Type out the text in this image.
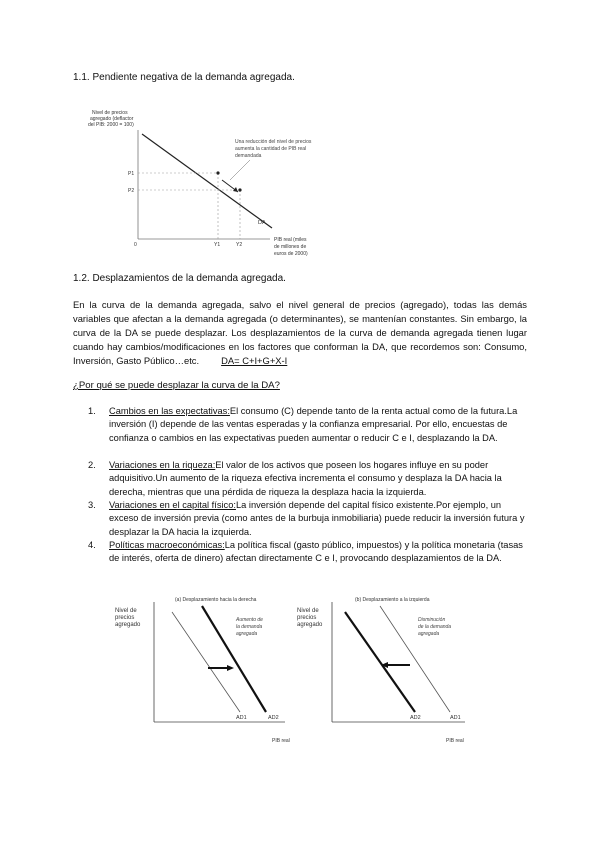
1.1. Pendiente negativa de la demanda agregada.
Nivel de precios
agregado (deflactor
del PIB: 2000 = 100)
Una reducción del nivel de precios
aumenta la cantidad de PIB real
demandada
P1
P2
DA
0	Y1	Y2
PIB real (miles
de millones de
euros de 2000)
1.2. Desplazamientos de la demanda agregada.
En la curva de la demanda agregada, salvo el nivel general de precios (agregado), todas las demás variables que afectan a la demanda agregada (o determinantes), se mantenían constantes. Sin embargo, la curva de la DA se puede desplazar. Los desplazamientos de la curva de demanda agregada tienen lugar cuando hay cambios/modificaciones en los factores que conforman la DA, que recordemos son: Consumo, Inversión, Gasto Público…etc. DA= C+I+G+X-I
¿Por qué se puede desplazar la curva de la DA?
1. Cambios en las expectativas:El consumo (C) depende tanto de la renta actual como de la futura.La inversión (I) depende de las ventas esperadas y la confianza empresarial. Por ello, encuestas de confianza o cambios en las expectativas pueden aumentar o reducir C e I, desplazando la DA.
2. Variaciones en la riqueza:El valor de los activos que poseen los hogares influye en su poder adquisitivo.Un aumento de la riqueza efectiva incrementa el consumo y desplaza la DA hacia la derecha, mientras que una pérdida de riqueza la desplaza hacia la izquierda.
3. Variaciones en el capital físico:La inversión depende del capital físico existente.Por ejemplo, un exceso de inversión previa (como antes de la burbuja inmobiliaria) puede reducir la inversión futura y desplazar la DA hacia la izquierda.
4. Políticas macroeconómicas:La política fiscal (gasto público, impuestos) y la política monetaria (tasas de interés, oferta de dinero) afectan directamente C e I, provocando desplazamientos de la DA.
(a) Desplazamiento hacia la derecha
Nivel de
precios
agregado
Aumento de
la demanda
agregada
AD1	AD2
PIB real
(b) Desplazamiento a la izquierda
Nivel de
precios
agregado
Disminución
de la demanda
agregada
AD2	AD1
PIB real
